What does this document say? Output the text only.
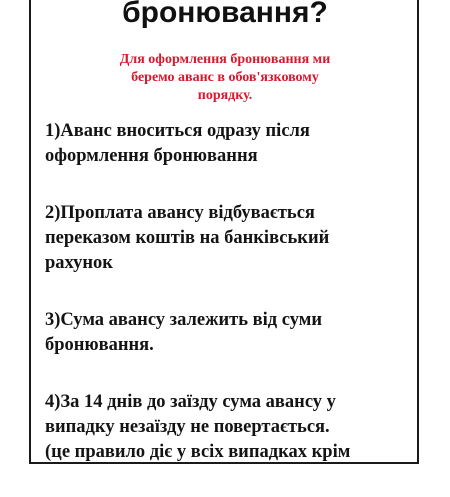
бронювання?

Для оформлення бронювання ми
беремо аванс в обов'язковому
порядку.

1)Аванс вноситься одразу після
оформлення бронювання

2)Проплата авансу відбувається
переказом коштів на банківський
рахунок

3)Сума авансу залежить від суми
бронювання.

4)За 14 днів до заїзду сума авансу у
випадку незаїзду не повертається.
(це правило діє у всіх випадках крім
